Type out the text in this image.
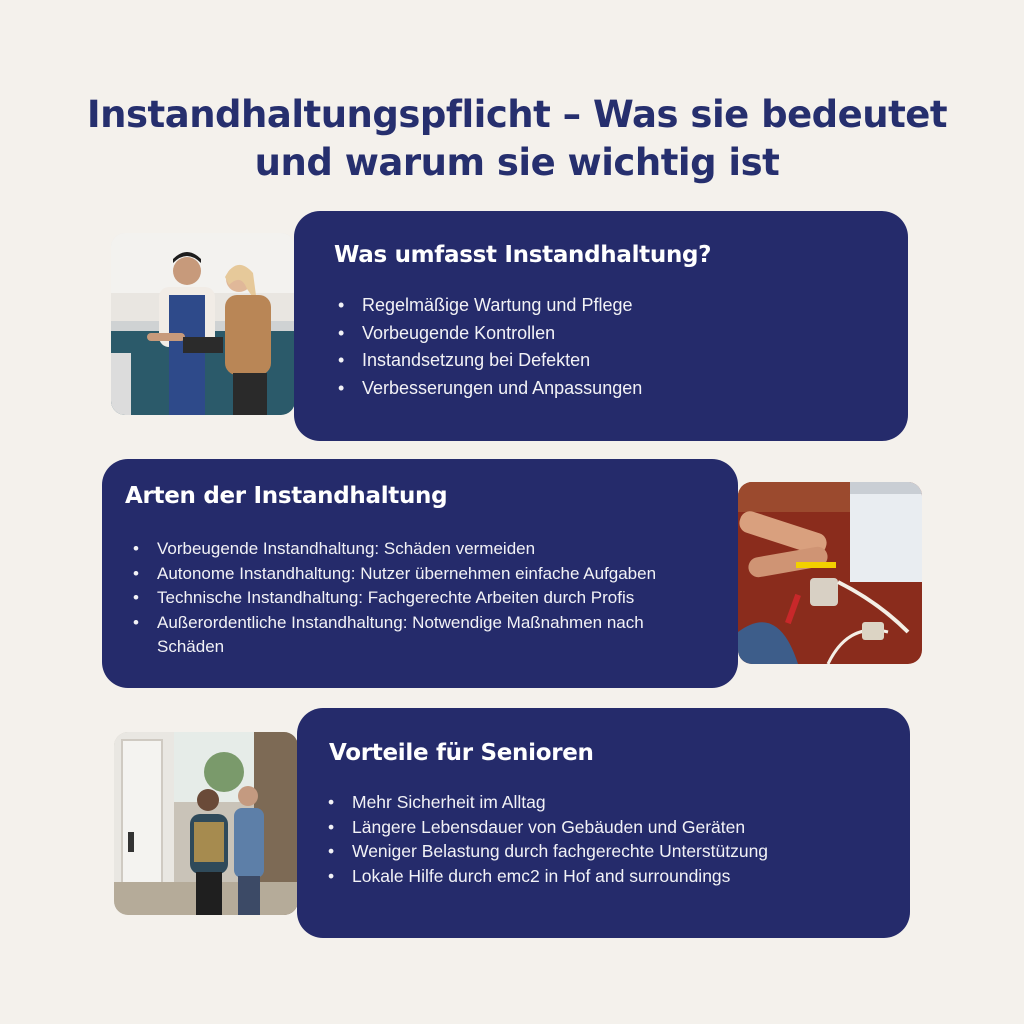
Instandhaltungspflicht – Was sie bedeutet
und warum sie wichtig ist
Was umfasst Instandhaltung?
• Regelmäßige Wartung und Pflege
• Vorbeugende Kontrollen
• Instandsetzung bei Defekten
• Verbesserungen und Anpassungen
Arten der Instandhaltung
• Vorbeugende Instandhaltung: Schäden vermeiden
• Autonome Instandhaltung: Nutzer übernehmen einfache Aufgaben
• Technische Instandhaltung: Fachgerechte Arbeiten durch Profis
• Außerordentliche Instandhaltung: Notwendige Maßnahmen nach Schäden
Vorteile für Senioren
• Mehr Sicherheit im Alltag
• Längere Lebensdauer von Gebäuden und Geräten
• Weniger Belastung durch fachgerechte Unterstützung
• Lokale Hilfe durch emc2 in Hof and surroundings
